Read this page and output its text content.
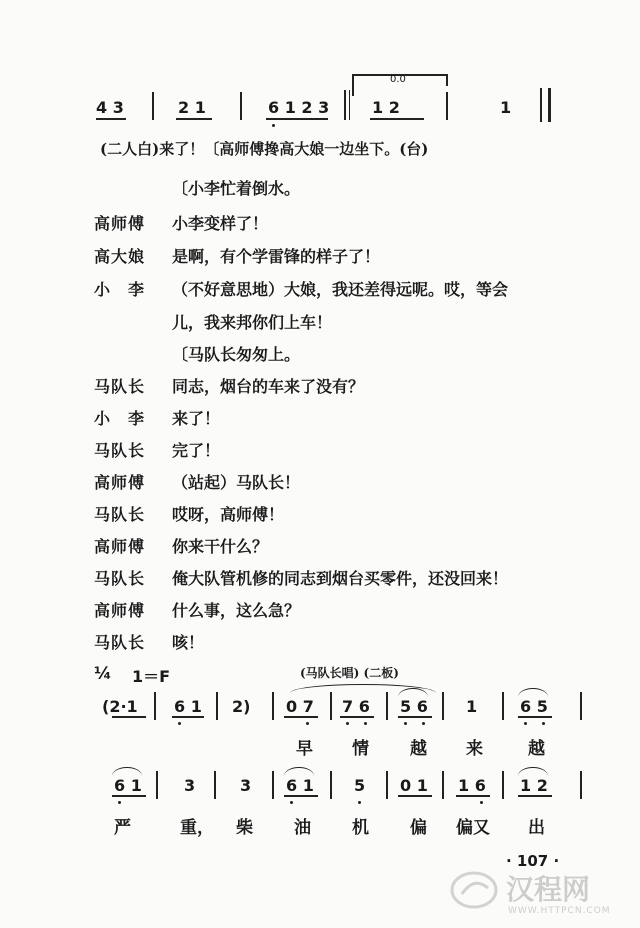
0.0
4 3	2 1	6 1 2 3	1 2	1
(二人白)来了！〔高师傅搀高大娘一边坐下。(台)
〔小李忙着倒水。
高师傅 小李变样了！
高大娘 是啊，有个学雷锋的样子了！
小　李 （不好意思地）大娘，我还差得远呢。哎，等会
儿，我来邦你们上车！
〔马队长匆匆上。
马队长 同志，烟台的车来了没有？
小　李 来了！
马队长 完了！
高师傅 （站起）马队长！
马队长 哎呀，高师傅！
高师傅 你来干什么？
马队长 俺大队管机修的同志到烟台买零件，还没回来！
高师傅 什么事，这么急？
马队长 咳！
¼ 1＝F	(马队长唱) (二板)
(2·1 6 1 2) 0 7 7 6 5 6 1	6 5
早 情 越 来	越
6 1	3	3 6 1	5 0 1 1 6 1 2
严	重， 柴 油 机 偏 偏又 出
· 107 ·
汉程网
WWW.HTTPCN.COM
